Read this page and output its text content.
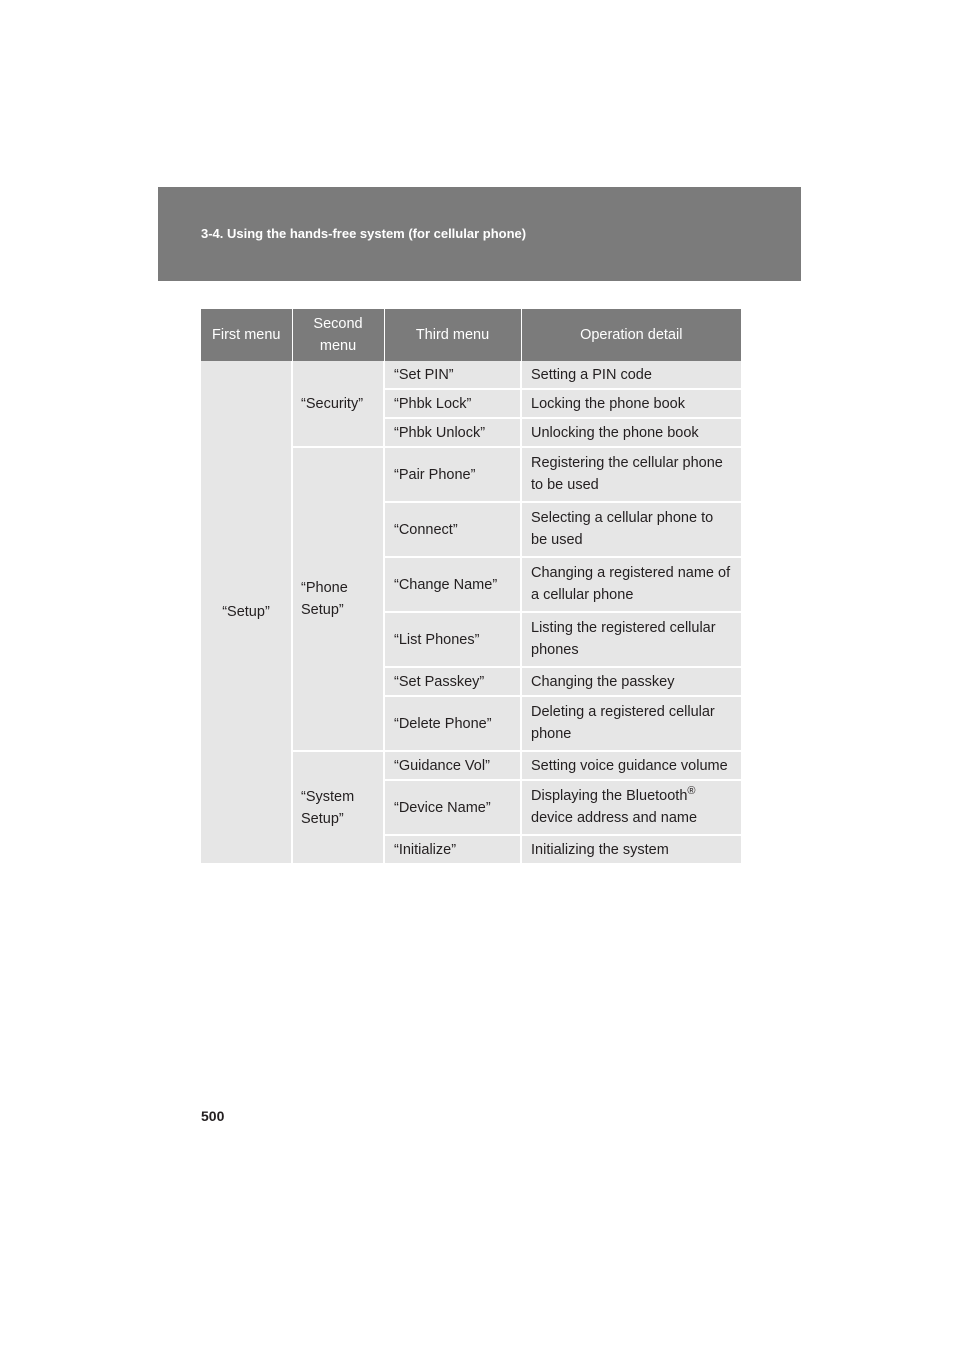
3-4. Using the hands-free system (for cellular phone)
First menu	Second menu	Third menu	Operation detail
“Setup”	“Security”	“Set PIN”	Setting a PIN code
		“Phbk Lock”	Locking the phone book
		“Phbk Unlock”	Unlocking the phone book
	“Phone Setup”	“Pair Phone”	Registering the cellular phone to be used
		“Connect”	Selecting a cellular phone to be used
		“Change Name”	Changing a registered name of a cellular phone
		“List Phones”	Listing the registered cellular phones
		“Set Passkey”	Changing the passkey
		“Delete Phone”	Deleting a registered cellular phone
	“System Setup”	“Guidance Vol”	Setting voice guidance volume
		“Device Name”	Displaying the Bluetooth® device address and name
		“Initialize”	Initializing the system
500
